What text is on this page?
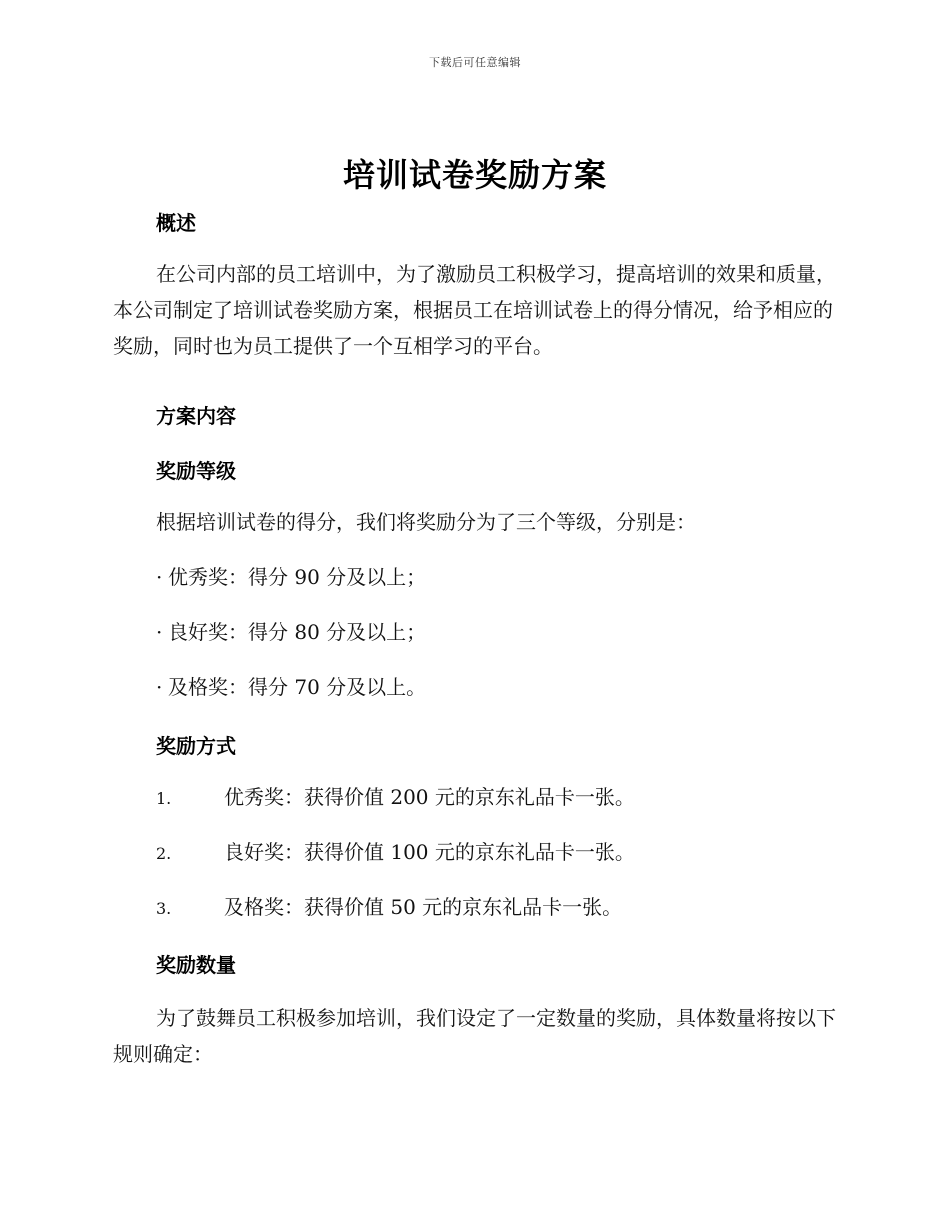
下载后可任意编辑
培训试卷奖励方案
概述
在公司内部的员工培训中，为了激励员工积极学习，提高培训的效果和质量，本公司制定了培训试卷奖励方案，根据员工在培训试卷上的得分情况，给予相应的奖励，同时也为员工提供了一个互相学习的平台。
方案内容
奖励等级
根据培训试卷的得分，我们将奖励分为了三个等级，分别是：
· 优秀奖：得分 90 分及以上；
· 良好奖：得分 80 分及以上；
· 及格奖：得分 70 分及以上。
奖励方式
1.	优秀奖：获得价值 200 元的京东礼品卡一张。
2.	良好奖：获得价值 100 元的京东礼品卡一张。
3.	及格奖：获得价值 50 元的京东礼品卡一张。
奖励数量
为了鼓舞员工积极参加培训，我们设定了一定数量的奖励，具体数量将按以下规则确定：
